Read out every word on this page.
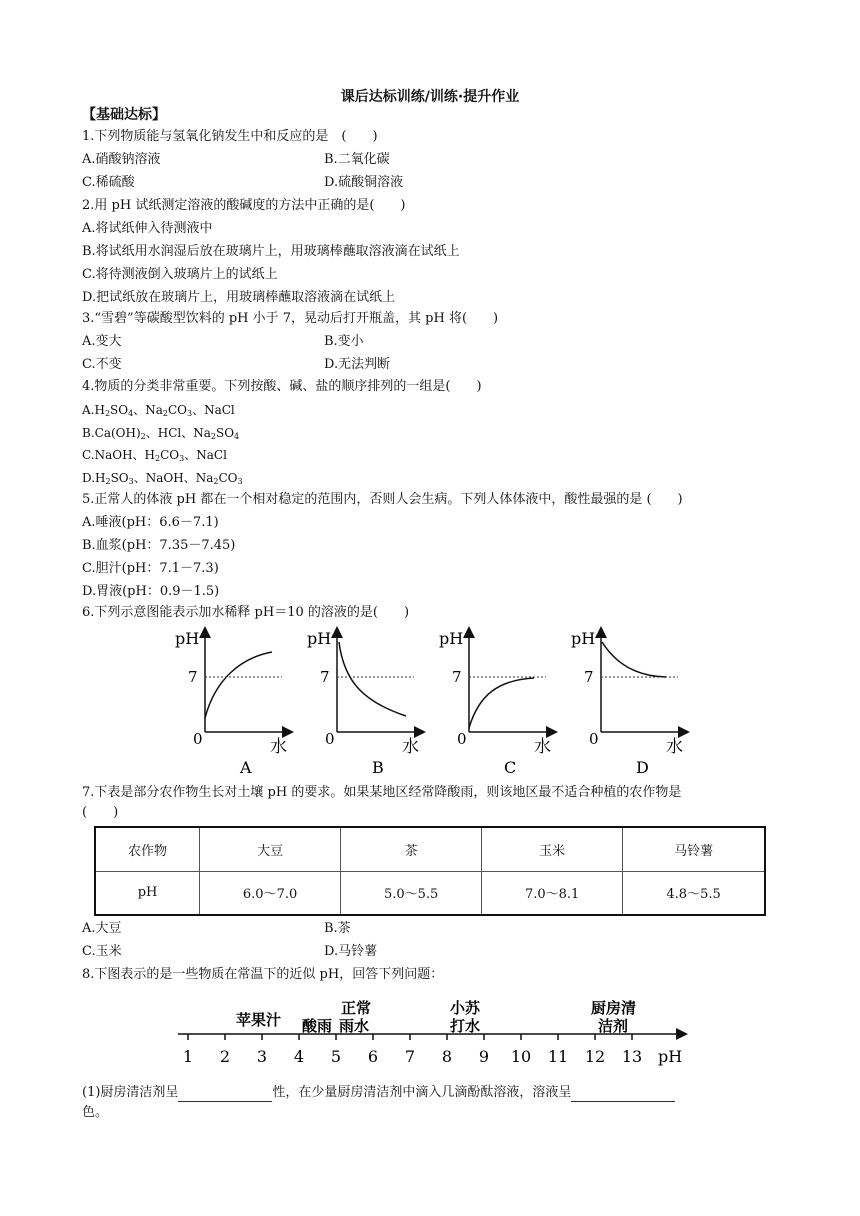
课后达标训练/训练·提升作业
【基础达标】
1.下列物质能与氢氧化钠发生中和反应的是　(　　)
A.硝酸钠溶液	B.二氧化碳
C.稀硫酸	D.硫酸铜溶液
2.用 pH 试纸测定溶液的酸碱度的方法中正确的是(　　)
A.将试纸伸入待测液中
B.将试纸用水润湿后放在玻璃片上，用玻璃棒蘸取溶液滴在试纸上
C.将待测液倒入玻璃片上的试纸上
D.把试纸放在玻璃片上，用玻璃棒蘸取溶液滴在试纸上
3.“雪碧”等碳酸型饮料的 pH 小于 7，晃动后打开瓶盖，其 pH 将(　　)
A.变大	B.变小
C.不变	D.无法判断
4.物质的分类非常重要。下列按酸、碱、盐的顺序排列的一组是(　　)
$A.H_2SO_4$、$Na_2CO_3$、NaCl
$B.Ca(OH)_2$、HCl、$Na_2SO_4$
C.NaOH、$H_2CO_3$、NaCl
$D.H_2SO_3$、NaOH、$Na_2CO_3$
5.正常人的体液 pH 都在一个相对稳定的范围内，否则人会生病。下列人体体液中，酸性最强的是 (　　)
A.唾液(pH：6.6－7.1)
B.血浆(pH：7.35－7.45)
C.胆汁(pH：7.1－7.3)
D.胃液(pH：0.9－1.5)
6.下列示意图能表示加水稀释 pH＝10 的溶液的是(　　)
pH
7
0	水
A
pH
7
0	水
B
pH
7
0	水
C
pH
7
0	水
D
7.下表是部分农作物生长对土壤 pH 的要求。如果某地区经常降酸雨，则该地区最不适合种植的农作物是
(　　)
农作物	大豆	茶	玉米	马铃薯
pH	6.0～7.0	5.0～5.5	7.0～8.1	4.8～5.5
A.大豆	B.茶
C.玉米	D.马铃薯
8.下图表示的是一些物质在常温下的近似 pH，回答下列问题：
1 2 3 4 5 6 7 8 9 10 11 12 13 pH
苹果汁 酸雨
正常
雨水
小苏
打水
厨房清
洁剂
(1)厨房清洁剂呈	性，在少量厨房清洁剂中滴入几滴酚酞溶液，溶液呈
色。
